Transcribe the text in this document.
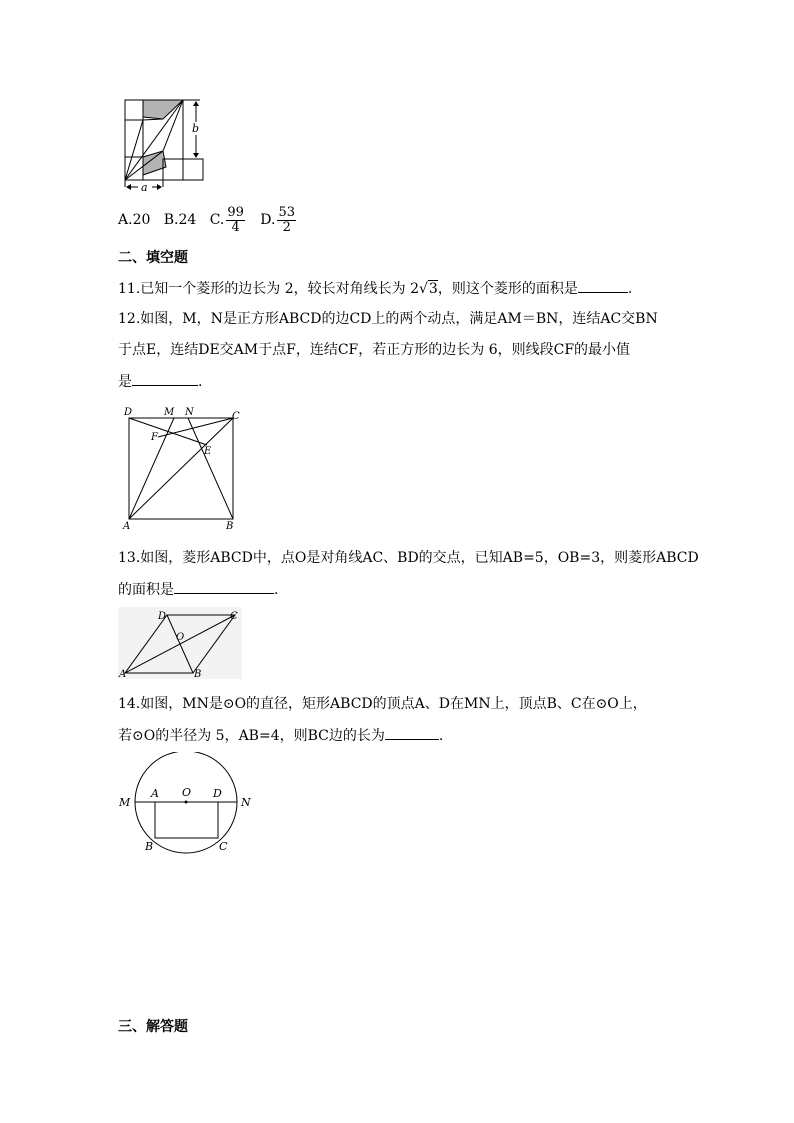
a
b
A.20 B.24 C. $\frac{99}{4} D$. $\frac{53}{2}$
二、填空题
11.已知一个菱形的边长为 2，较长对角线长为 2√3，则这个菱形的面积是	.
12.如图，M，N是正方形ABCD的边CD上的两个动点，满足AM＝BN，连结AC交BN
于点E，连结DE交AM于点F，连结CF，若正方形的边长为 6，则线段CF的最小值
是	.
D	M N	C
F
E
A	B
13.如图，菱形ABCD中，点O是对角线AC、BD的交点，已知AB=5，OB=3，则菱形ABCD
的面积是	.
D	C
O
A	B
14.如图，MN是⊙O的直径，矩形ABCD的顶点A、D在MN上，顶点B、C在⊙O上，
若⊙O的半径为 5，AB=4，则BC边的长为	.
M
A O D
N
B	C
三、解答题
